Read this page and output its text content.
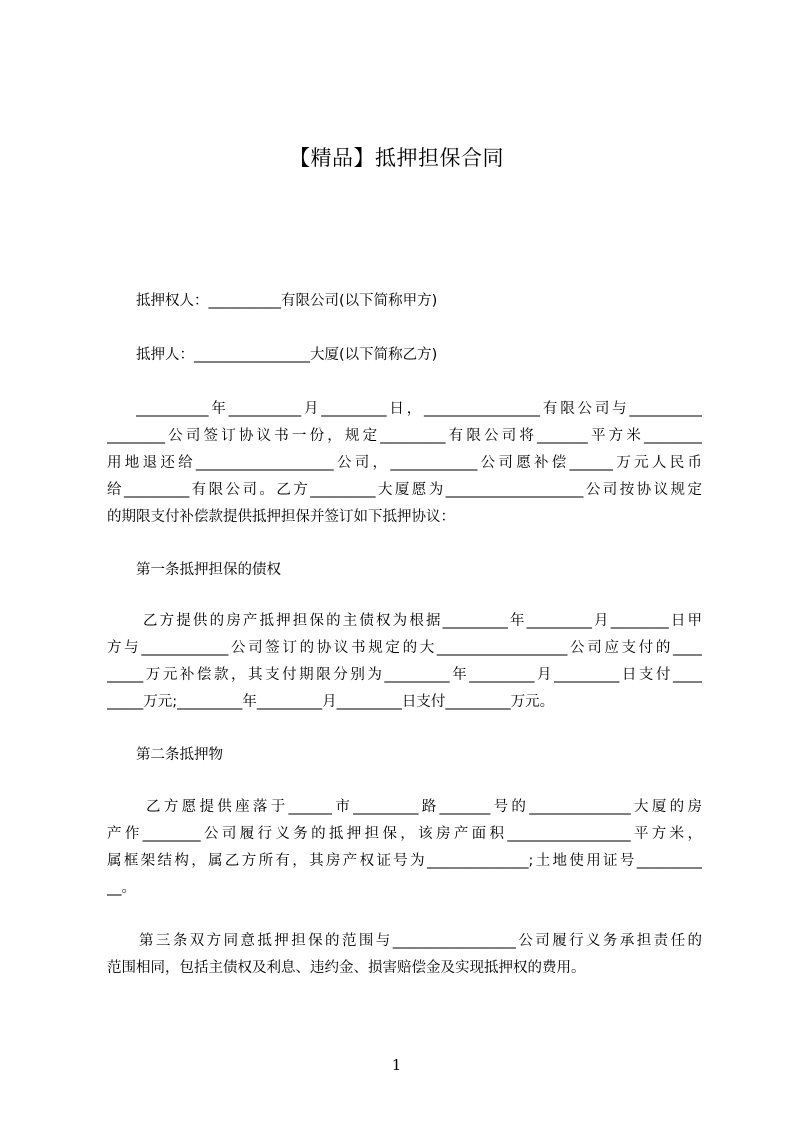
【精品】抵押担保合同
抵押权人：__________有限公司(以下简称甲方)
抵押人：________________大厦(以下简称乙方)
__________年__________月_________日，________________有限公司与__________
________公司签订协议书一份，规定_________有限公司将_______平方米________
用地退还给___________________公司，____________公司愿补偿______万元人民币
给_________有限公司。乙方_________大厦愿为___________________公司按协议规定
的期限支付补偿款提供抵押担保并签订如下抵押协议：
第一条抵押担保的债权
乙方提供的房产抵押担保的主债权为根据_________年_________月________日甲
方与____________公司签订的协议书规定的大__________________公司应支付的____
_____万元补偿款，其支付期限分别为_________年_________月_________日支付____
_____万元;_________年_________月_________日支付_________万元。
第二条抵押物
乙方愿提供座落于______市_________路_______号的______________大厦的房
产作________公司履行义务的抵押担保，该房产面积_________________平方米，
属框架结构，属乙方所有，其房产权证号为______________;土地使用证号_________
__。
第三条双方同意抵押担保的范围与_________________公司履行义务承担责任的
范围相同，包括主债权及利息、违约金、损害赔偿金及实现抵押权的费用。
1
